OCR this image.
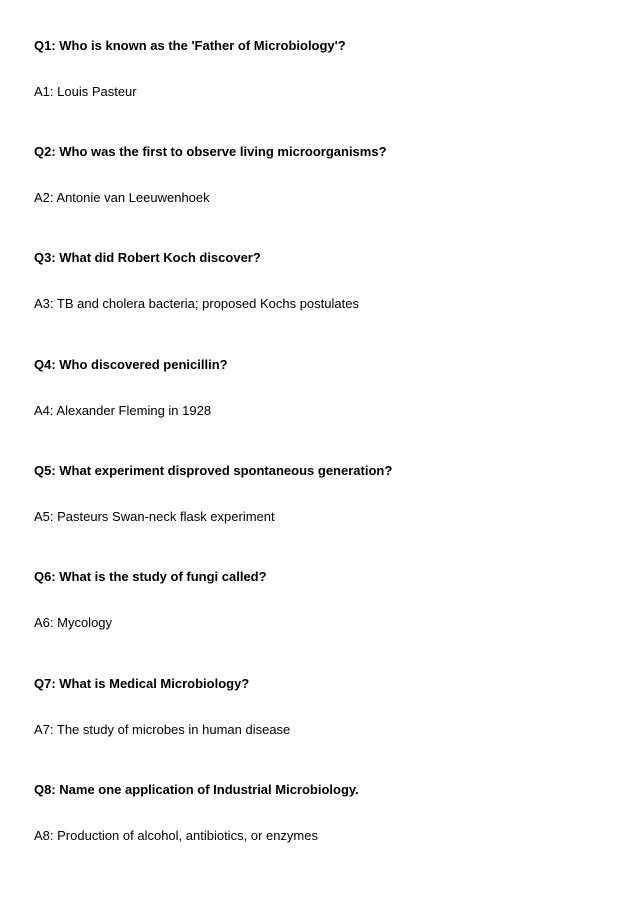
Q1: Who is known as the 'Father of Microbiology'?
A1: Louis Pasteur
Q2: Who was the first to observe living microorganisms?
A2: Antonie van Leeuwenhoek
Q3: What did Robert Koch discover?
A3: TB and cholera bacteria; proposed Kochs postulates
Q4: Who discovered penicillin?
A4: Alexander Fleming in 1928
Q5: What experiment disproved spontaneous generation?
A5: Pasteurs Swan-neck flask experiment
Q6: What is the study of fungi called?
A6: Mycology
Q7: What is Medical Microbiology?
A7: The study of microbes in human disease
Q8: Name one application of Industrial Microbiology.
A8: Production of alcohol, antibiotics, or enzymes
